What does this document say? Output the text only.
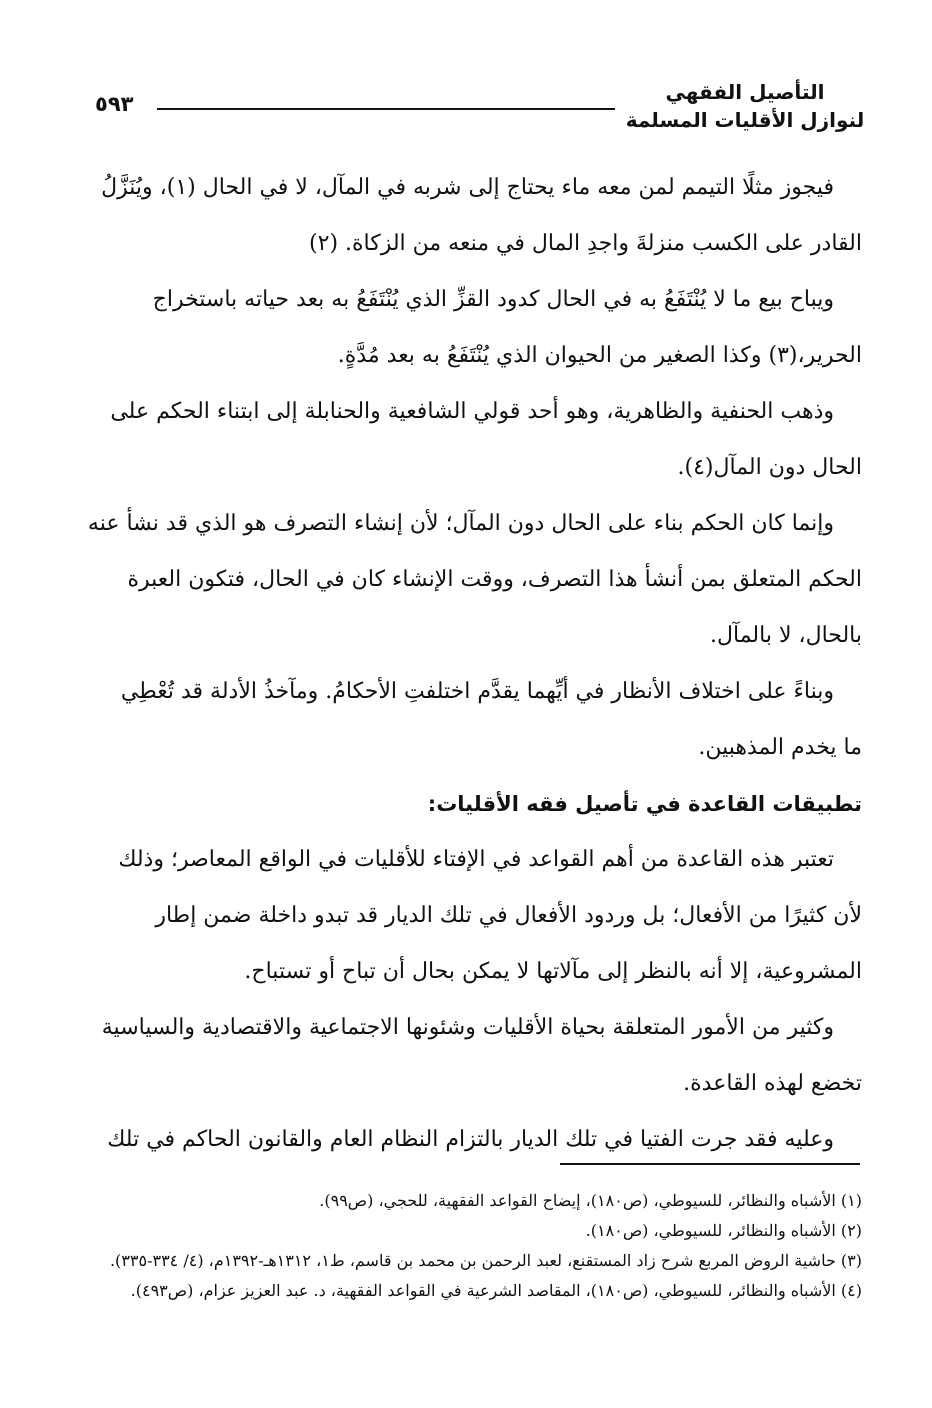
التأصيل الفقهي
لنوازل الأقليات المسلمة
٥٩٣

فيجوز مثلًا التيمم لمن معه ماء يحتاج إلى شربه في المآل، لا في الحال (١)، ويُنَزَّلُ
القادر على الكسب منزلةَ واجدِ المال في منعه من الزكاة. (٢)

ويباح بيع ما لا يُنْتَفَعُ به في الحال كدود القزِّ الذي يُنْتَفَعُ به بعد حياته باستخراج
الحرير،(٣) وكذا الصغير من الحيوان الذي يُنْتَفَعُ به بعد مُدَّةٍ.

وذهب الحنفية والظاهرية، وهو أحد قولي الشافعية والحنابلة إلى ابتناء الحكم على
الحال دون المآل(٤).

وإنما كان الحكم بناء على الحال دون المآل؛ لأن إنشاء التصرف هو الذي قد نشأ عنه
الحكم المتعلق بمن أنشأ هذا التصرف، ووقت الإنشاء كان في الحال، فتكون العبرة
بالحال، لا بالمآل.

وبناءً على اختلاف الأنظار في أيِّهما يقدَّم اختلفتِ الأحكامُ. ومآخذُ الأدلة قد تُعْطِي
ما يخدم المذهبين.

تطبيقات القاعدة في تأصيل فقه الأقليات:

تعتبر هذه القاعدة من أهم القواعد في الإفتاء للأقليات في الواقع المعاصر؛ وذلك
لأن كثيرًا من الأفعال؛ بل وردود الأفعال في تلك الديار قد تبدو داخلة ضمن إطار
المشروعية، إلا أنه بالنظر إلى مآلاتها لا يمكن بحال أن تباح أو تستباح.

وكثير من الأمور المتعلقة بحياة الأقليات وشئونها الاجتماعية والاقتصادية والسياسية
تخضع لهذه القاعدة.

وعليه فقد جرت الفتيا في تلك الديار بالتزام النظام العام والقانون الحاكم في تلك

(١) الأشباه والنظائر، للسيوطي، (ص١٨٠)، إيضاح القواعد الفقهية، للحجي، (ص٩٩).
(٢) الأشباه والنظائر، للسيوطي، (ص١٨٠).
(٣) حاشية الروض المربع شرح زاد المستقنع، لعبد الرحمن بن محمد بن قاسم، ط١، ١٣١٢هـ-١٣٩٢م، (٤/ ٣٣٤-٣٣٥).
(٤) الأشباه والنظائر، للسيوطي، (ص١٨٠)، المقاصد الشرعية في القواعد الفقهية، د. عبد العزيز عزام، (ص٤٩٣).
